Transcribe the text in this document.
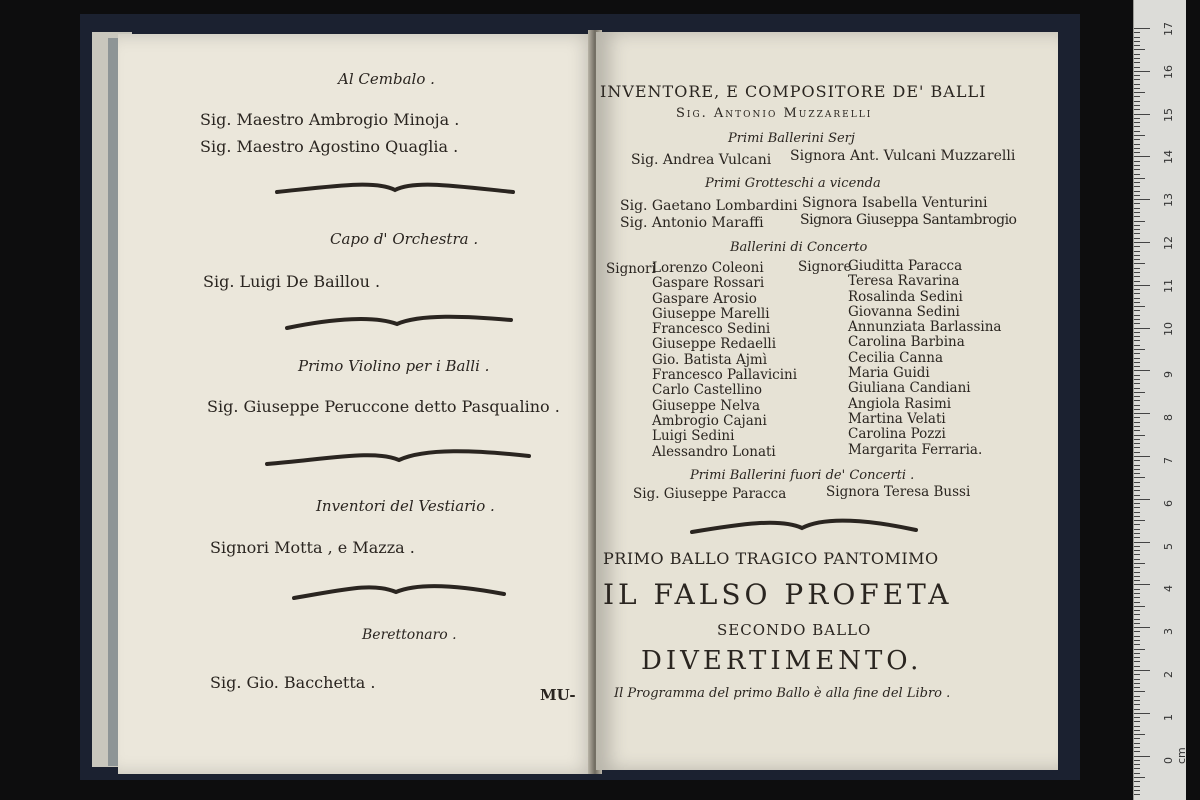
Al Cembalo .
Sig. Maestro Ambrogio Minoja .
Sig. Maestro Agostino Quaglia .
Capo d' Orchestra .
Sig. Luigi De Baillou .
Primo Violino per i Balli .
Sig. Giuseppe Peruccone detto Pasqualino .
Inventori del Vestiario .
Signori Motta , e Mazza .
Berettonaro .
Sig. Gio. Bacchetta .
MU-
INVENTORE, E COMPOSITORE DE' BALLI
Sig. Antonio Muzzarelli
Primi Ballerini Serj
Sig. Andrea Vulcani Signora Ant. Vulcani Muzzarelli
Primi Grotteschi a vicenda
Sig. Gaetano Lombardini
Sig. Antonio Maraffi
Signora Isabella Venturini
Signora Giuseppa Santambrogio
Ballerini di Concerto
Signori	Signore
Lorenzo Coleoni
Gaspare Rossari
Gaspare Arosio
Giuseppe Marelli
Francesco Sedini
Giuseppe Redaelli
Gio. Batista Ajmì
Francesco Pallavicini
Carlo Castellino
Giuseppe Nelva
Ambrogio Cajani
Luigi Sedini
Alessandro Lonati
Giuditta Paracca
Teresa Ravarina
Rosalinda Sedini
Giovanna Sedini
Annunziata Barlassina
Carolina Barbina
Cecilia Canna
Maria Guidi
Giuliana Candiani
Angiola Rasimi
Martina Velati
Carolina Pozzi
Margarita Ferraria.
Primi Ballerini fuori de' Concerti .
Sig. Giuseppe Paracca	Signora Teresa Bussi
PRIMO BALLO TRAGICO PANTOMIMO
IL FALSO PROFETA
SECONDO BALLO
DIVERTIMENTO.
Il Programma del primo Ballo è alla fine del Libro .
17
16
15
14
13
12
11
10
9
8
7
6
5
4
3
2
1
0 cm
